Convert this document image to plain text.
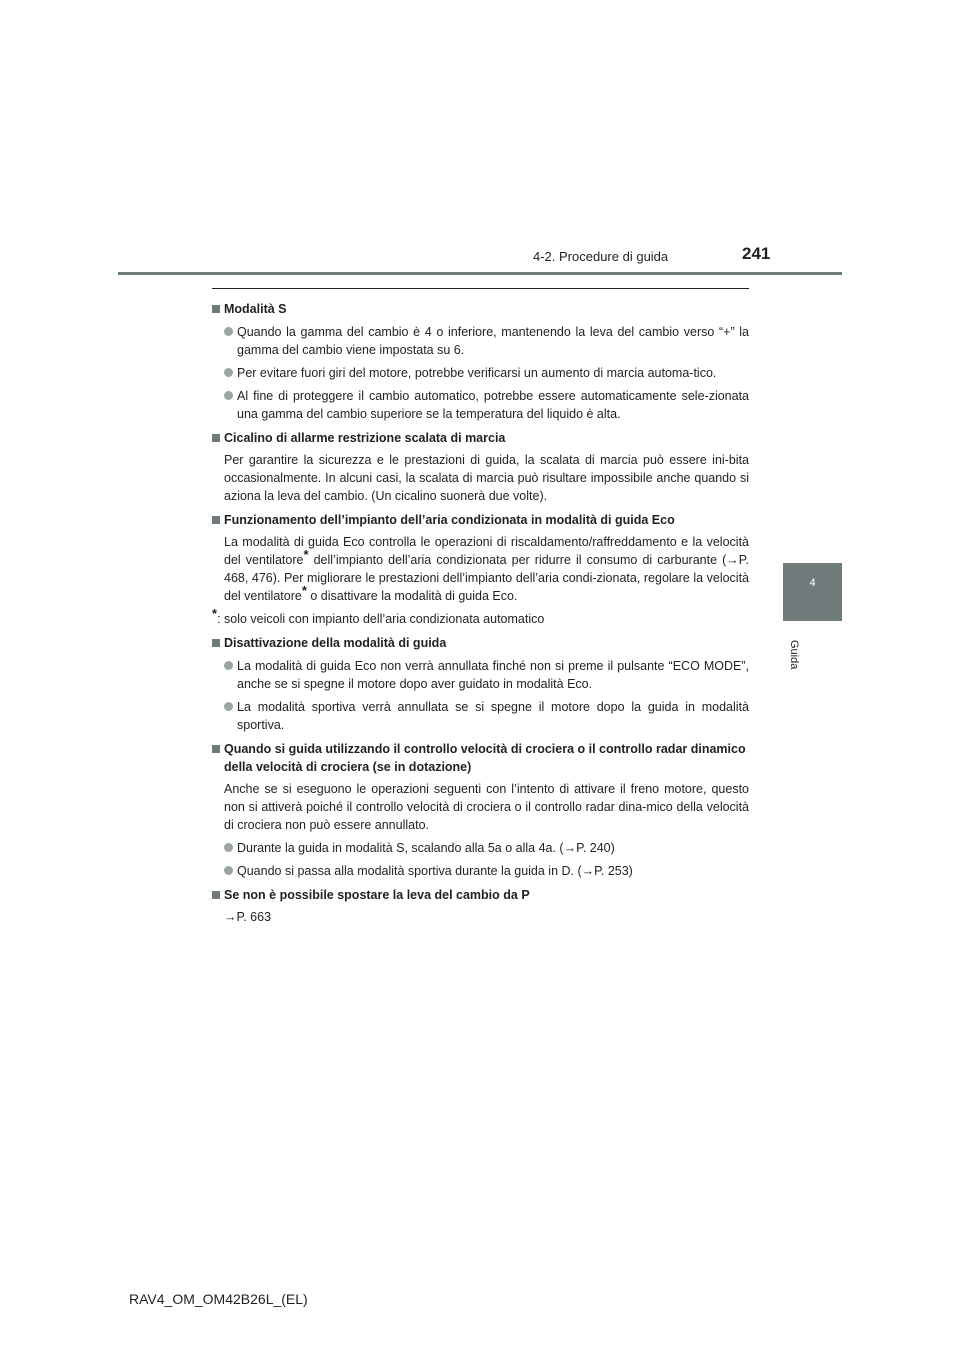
4-2. Procedure di guida	241
4
Guida
Modalità S
Quando la gamma del cambio è 4 o inferiore, mantenendo la leva del cambio verso “+” la gamma del cambio viene impostata su 6.
Per evitare fuori giri del motore, potrebbe verificarsi un aumento di marcia automa-tico.
Al fine di proteggere il cambio automatico, potrebbe essere automaticamente sele-zionata una gamma del cambio superiore se la temperatura del liquido è alta.
Cicalino di allarme restrizione scalata di marcia
Per garantire la sicurezza e le prestazioni di guida, la scalata di marcia può essere ini-bita occasionalmente. In alcuni casi, la scalata di marcia può risultare impossibile anche quando si aziona la leva del cambio. (Un cicalino suonerà due volte).
Funzionamento dell’impianto dell’aria condizionata in modalità di guida Eco
La modalità di guida Eco controlla le operazioni di riscaldamento/raffreddamento e la velocità del ventilatore* dell’impianto dell’aria condizionata per ridurre il consumo di carburante (→P. 468, 476). Per migliorare le prestazioni dell’impianto dell’aria condi-zionata, regolare la velocità del ventilatore* o disattivare la modalità di guida Eco.
*: solo veicoli con impianto dell’aria condizionata automatico
Disattivazione della modalità di guida
La modalità di guida Eco non verrà annullata finché non si preme il pulsante “ECO MODE”, anche se si spegne il motore dopo aver guidato in modalità Eco.
La modalità sportiva verrà annullata se si spegne il motore dopo la guida in modalità sportiva.
Quando si guida utilizzando il controllo velocità di crociera o il controllo radar dinamico della velocità di crociera (se in dotazione)
Anche se si eseguono le operazioni seguenti con l’intento di attivare il freno motore, questo non si attiverà poiché il controllo velocità di crociera o il controllo radar dina-mico della velocità di crociera non può essere annullato.
Durante la guida in modalità S, scalando alla 5a o alla 4a. (→P. 240)
Quando si passa alla modalità sportiva durante la guida in D. (→P. 253)
Se non è possibile spostare la leva del cambio da P
→P. 663
RAV4_OM_OM42B26L_(EL)
